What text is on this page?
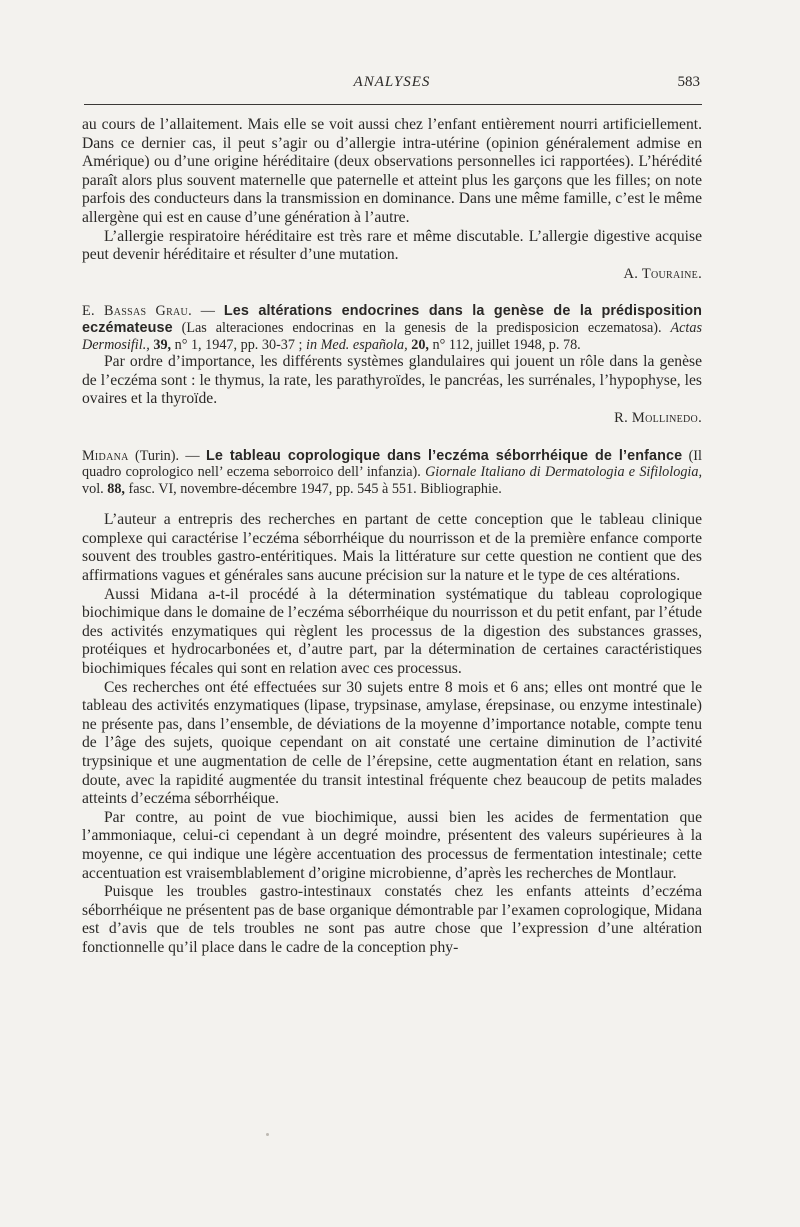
ANALYSES	583

au cours de l’allaitement. Mais elle se voit aussi chez l’enfant entièrement nourri artificiellement. Dans ce dernier cas, il peut s’agir ou d’allergie intra-utérine (opinion généralement admise en Amérique) ou d’une origine héréditaire (deux observations personnelles ici rapportées). L’hérédité paraît alors plus souvent maternelle que paternelle et atteint plus les garçons que les filles; on note parfois des conducteurs dans la transmission en dominance. Dans une même famille, c’est le même allergène qui est en cause d’une génération à l’autre.

L’allergie respiratoire héréditaire est très rare et même discutable. L’allergie digestive acquise peut devenir héréditaire et résulter d’une mutation.

A. Touraine.

E. Bassas Grau. — Les altérations endocrines dans la genèse de la prédisposition eczémateuse (Las alteraciones endocrinas en la genesis de la predisposicion eczematosa). Actas Dermosifil., 39, n° 1, 1947, pp. 30-37 ; in Med. española, 20, n° 112, juillet 1948, p. 78.

Par ordre d’importance, les différents systèmes glandulaires qui jouent un rôle dans la genèse de l’eczéma sont : le thymus, la rate, les parathyroïdes, le pancréas, les surrénales, l’hypophyse, les ovaires et la thyroïde.

R. Mollinedo.

Midana (Turin). — Le tableau coprologique dans l’eczéma séborrhéique de l’enfance (Il quadro coprologico nell’ eczema seborroico dell’ infanzia). Giornale Italiano di Dermatologia e Sifilologia, vol. 88, fasc. VI, novembre-décembre 1947, pp. 545 à 551. Bibliographie.

L’auteur a entrepris des recherches en partant de cette conception que le tableau clinique complexe qui caractérise l’eczéma séborrhéique du nourrisson et de la première enfance comporte souvent des troubles gastro-entéritiques. Mais la littérature sur cette question ne contient que des affirmations vagues et générales sans aucune précision sur la nature et le type de ces altérations.

Aussi Midana a-t-il procédé à la détermination systématique du tableau coprologique biochimique dans le domaine de l’eczéma séborrhéique du nourrisson et du petit enfant, par l’étude des activités enzymatiques qui règlent les processus de la digestion des substances grasses, protéiques et hydrocarbonées et, d’autre part, par la détermination de certaines caractéristiques biochimiques fécales qui sont en relation avec ces processus.

Ces recherches ont été effectuées sur 30 sujets entre 8 mois et 6 ans; elles ont montré que le tableau des activités enzymatiques (lipase, trypsinase, amylase, érepsinase, ou enzyme intestinale) ne présente pas, dans l’ensemble, de déviations de la moyenne d’importance notable, compte tenu de l’âge des sujets, quoique cependant on ait constaté une certaine diminution de l’activité trypsinique et une augmentation de celle de l’érepsine, cette augmentation étant en relation, sans doute, avec la rapidité augmentée du transit intestinal fréquente chez beaucoup de petits malades atteints d’eczéma séborrhéique.

Par contre, au point de vue biochimique, aussi bien les acides de fermentation que l’ammoniaque, celui-ci cependant à un degré moindre, présentent des valeurs supérieures à la moyenne, ce qui indique une légère accentuation des processus de fermentation intestinale; cette accentuation est vraisemblablement d’origine microbienne, d’après les recherches de Montlaur.

Puisque les troubles gastro-intestinaux constatés chez les enfants atteints d’eczéma séborrhéique ne présentent pas de base organique démontrable par l’examen coprologique, Midana est d’avis que de tels troubles ne sont pas autre chose que l’expression d’une altération fonctionnelle qu’il place dans le cadre de la conception phy-
